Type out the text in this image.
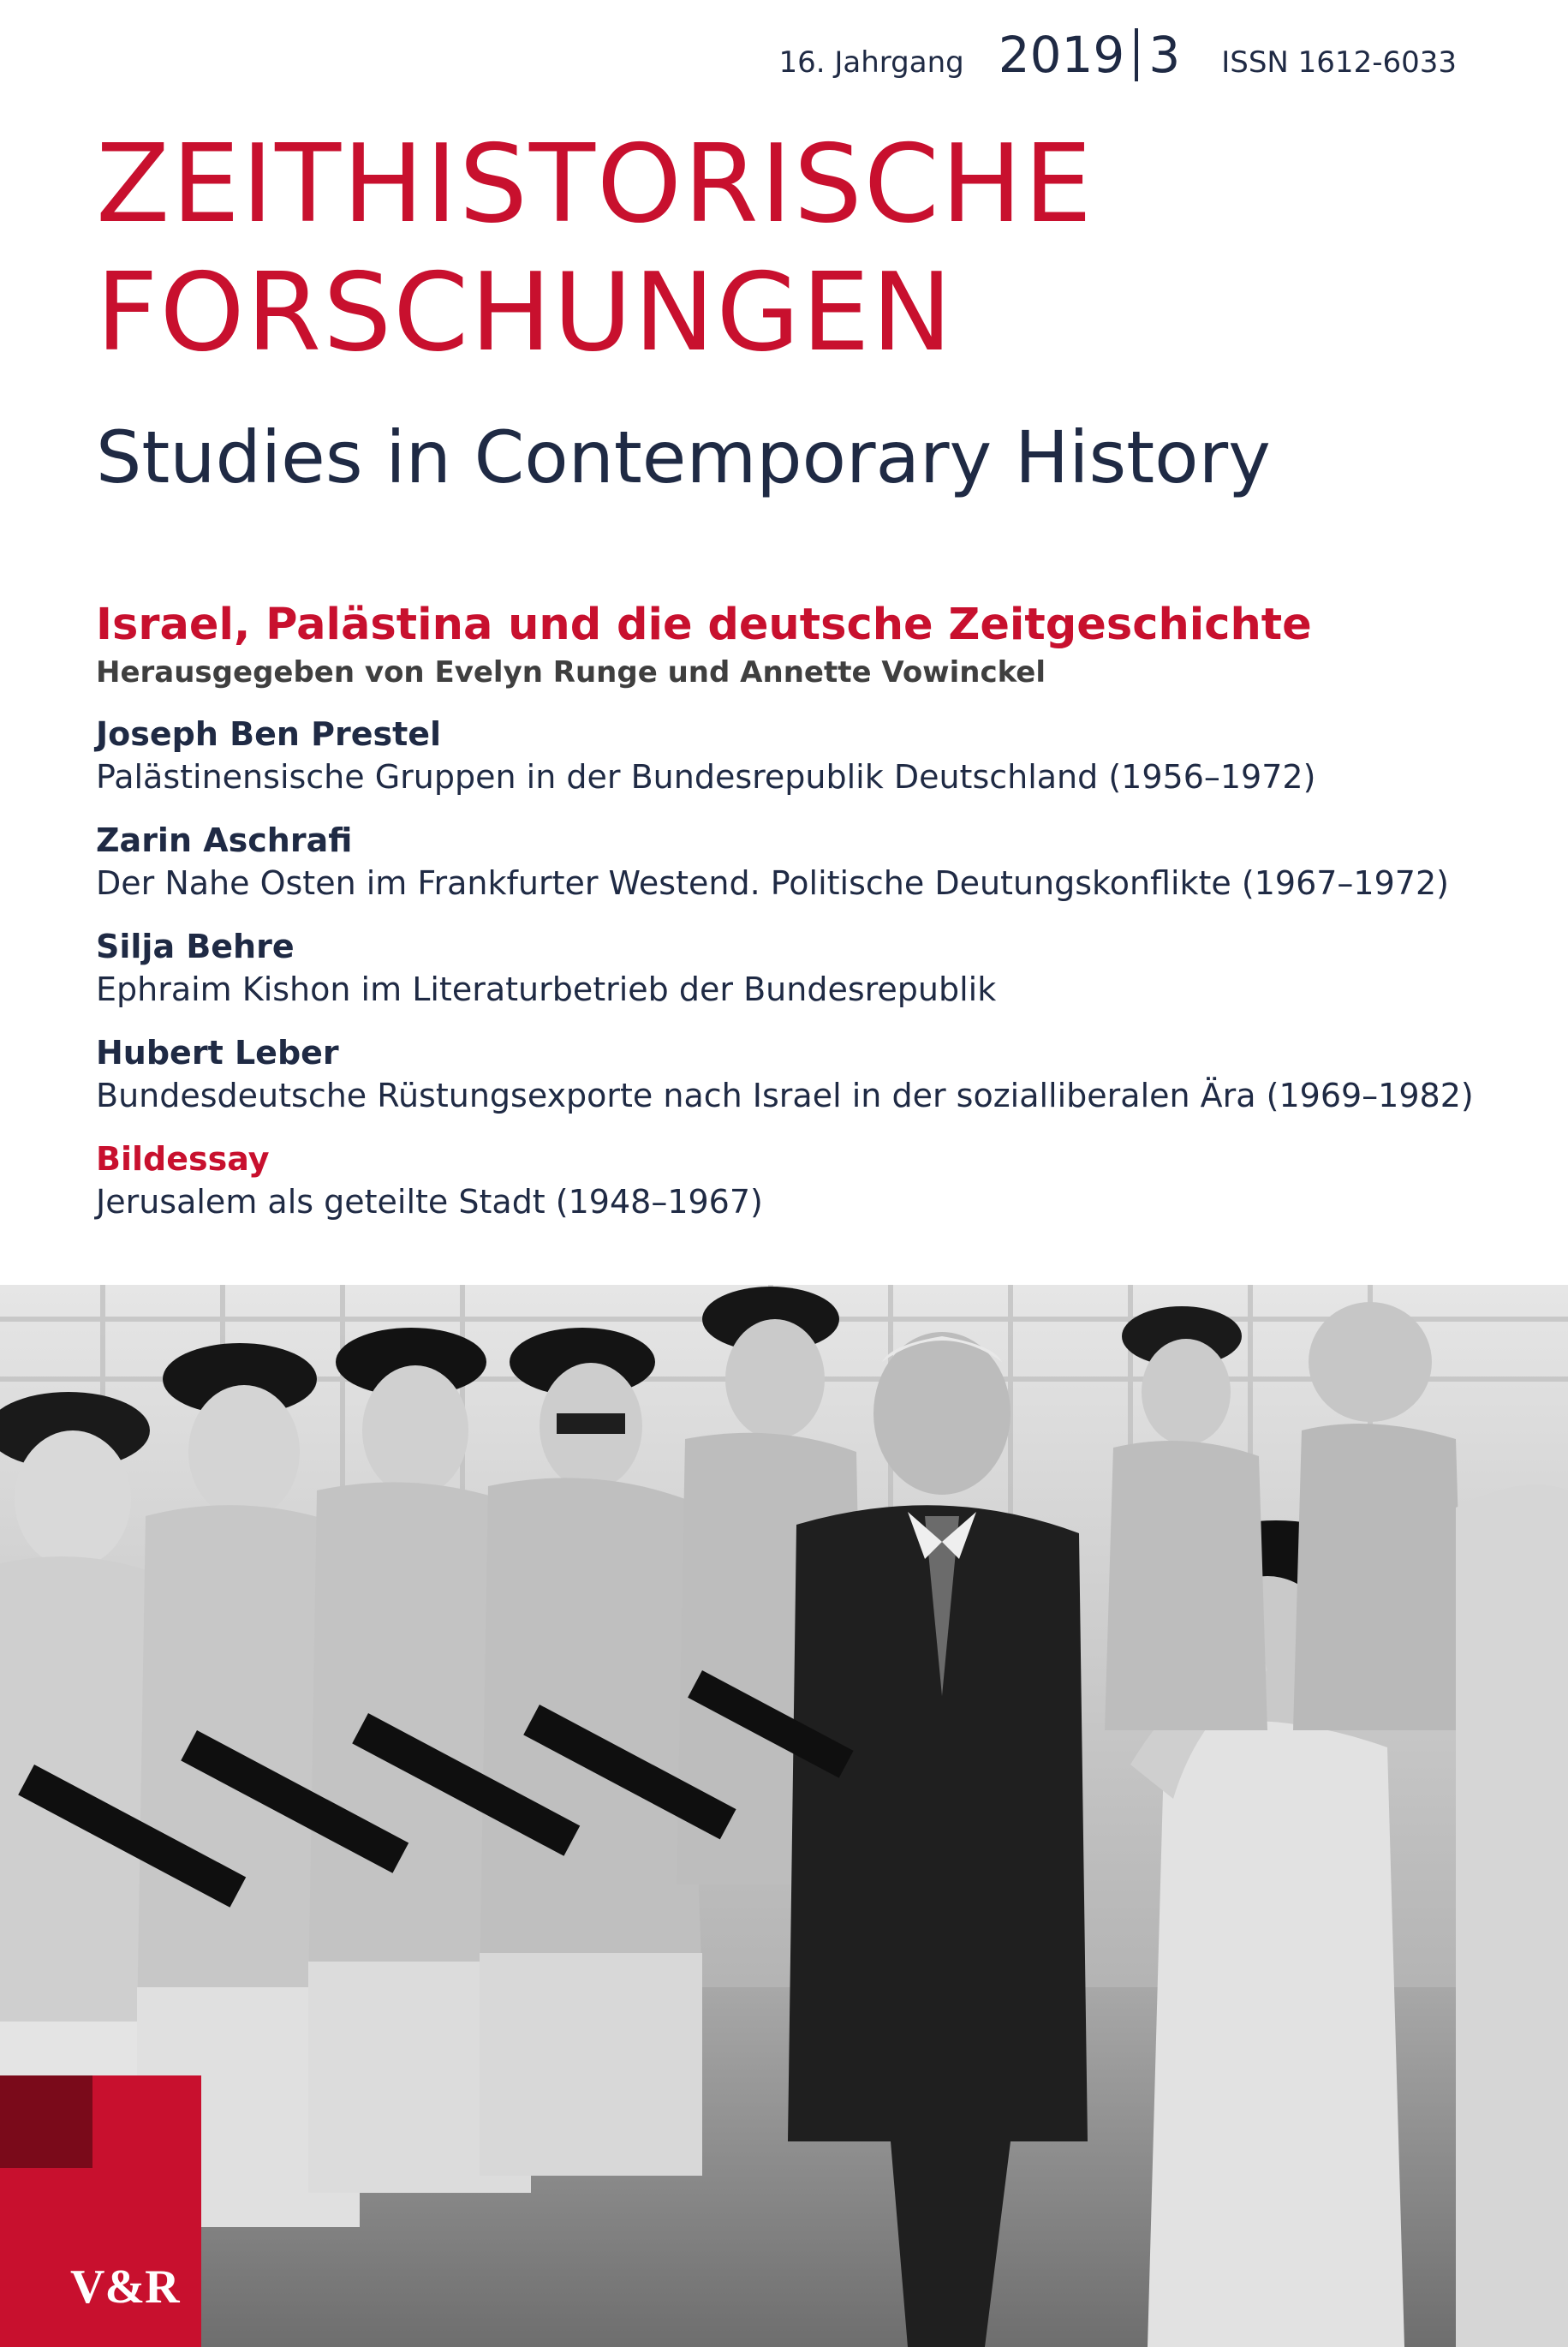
16. Jahrgang 2019 3 ISSN 1612-6033
ZEITHISTORISCHE
FORSCHUNGEN
Studies in Contemporary History
Israel, Palästina und die deutsche Zeitgeschichte
Herausgegeben von Evelyn Runge und Annette Vowinckel
Joseph Ben Prestel
Palästinensische Gruppen in der Bundesrepublik Deutschland (1956–1972)
Zarin Aschrafi
Der Nahe Osten im Frankfurter Westend. Politische Deutungskonflikte (1967–1972)
Silja Behre
Ephraim Kishon im Literaturbetrieb der Bundesrepublik
Hubert Leber
Bundesdeutsche Rüstungsexporte nach Israel in der sozialliberalen Ära (1969–1982)
Bildessay
Jerusalem als geteilte Stadt (1948–1967)
V&R
